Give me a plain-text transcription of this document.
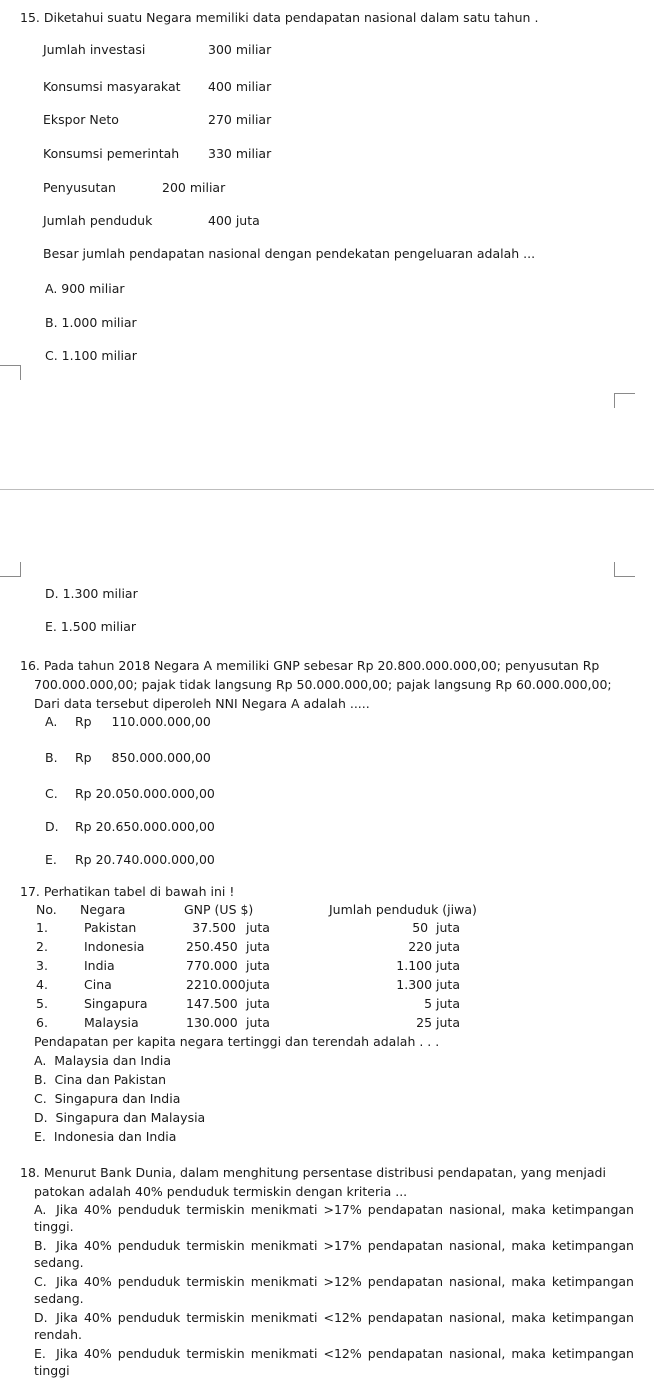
15. Diketahui suatu Negara memiliki data pendapatan nasional dalam satu tahun .
Jumlah investasi	300 miliar
Konsumsi masyarakat 400 miliar
Ekspor Neto	270 miliar
Konsumsi pemerintah 330 miliar
Penyusutan	200 miliar
Jumlah penduduk	400 juta
Besar jumlah pendapatan nasional dengan pendekatan pengeluaran adalah ...
A. 900 miliar
B. 1.000 miliar
C. 1.100 miliar
D. 1.300 miliar
E. 1.500 miliar
16. Pada tahun 2018 Negara A memiliki GNP sebesar Rp 20.800.000.000,00; penyusutan Rp
700.000.000,00; pajak tidak langsung Rp 50.000.000,00; pajak langsung Rp 60.000.000,00;
Dari data tersebut diperoleh NNI Negara A adalah .....
A. Rp     110.000.000,00
B. Rp     850.000.000,00
C. Rp 20.050.000.000,00
D. Rp 20.650.000.000,00
E. Rp 20.740.000.000,00
17. Perhatikan tabel di bawah ini !
No. Negara	GNP (US $)	Jumlah penduduk (jiwa)
1.	Pakistan	37.500 juta	50  juta
2.	Indonesia	250.450 juta	220 juta
3.	India	770.000 juta	1.100 juta
4.	Cina	2210.000 juta	1.300 juta
5.	Singapura	147.500 juta	5 juta
6.	Malaysia	130.000 juta	25 juta
Pendapatan per kapita negara tertinggi dan terendah adalah . . .
A.  Malaysia dan India
B.  Cina dan Pakistan
C.  Singapura dan India
D.  Singapura dan Malaysia
E.  Indonesia dan India
18. Menurut Bank Dunia, dalam menghitung persentase distribusi pendapatan, yang menjadi
patokan adalah 40% penduduk termiskin dengan kriteria ...
A. Jika 40% penduduk termiskin menikmati >17% pendapatan nasional, maka ketimpangan tinggi.
B. Jika 40% penduduk termiskin menikmati >17% pendapatan nasional, maka ketimpangan sedang.
C. Jika 40% penduduk termiskin menikmati >12% pendapatan nasional, maka ketimpangan sedang.
D. Jika 40% penduduk termiskin menikmati <12% pendapatan nasional, maka ketimpangan rendah.
E. Jika 40% penduduk termiskin menikmati <12% pendapatan nasional, maka ketimpangan tinggi
